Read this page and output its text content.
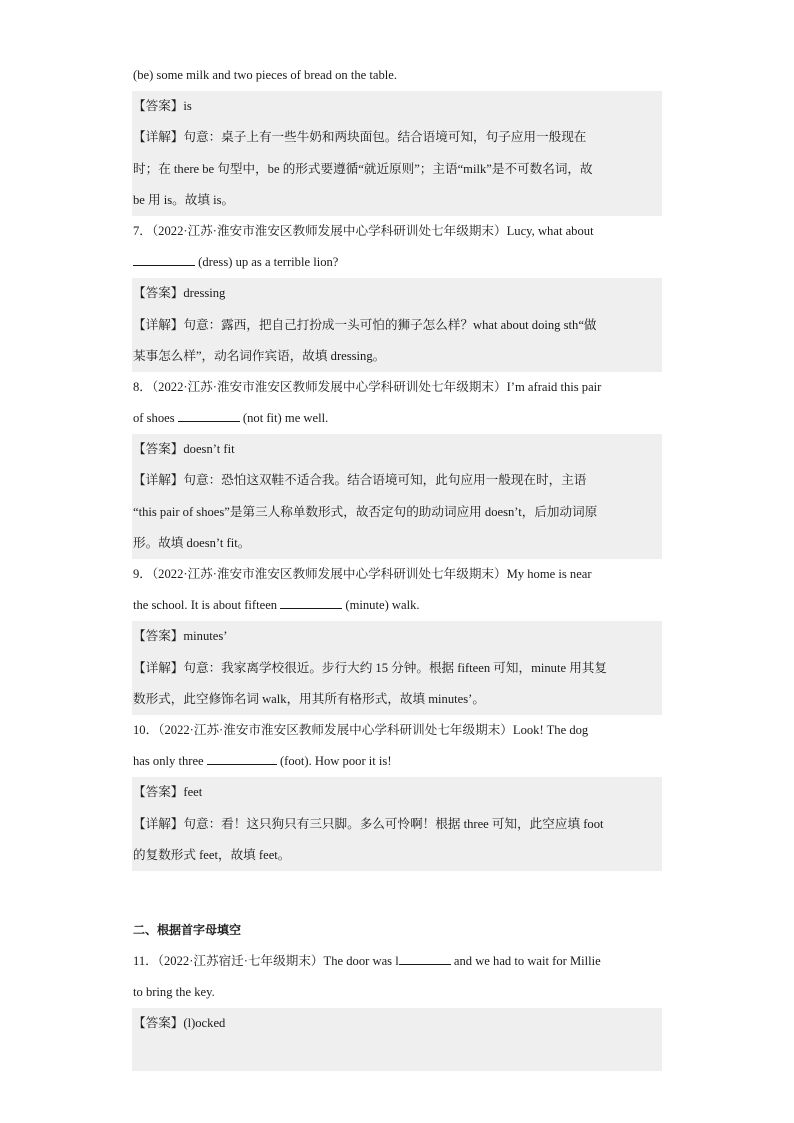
(be) some milk and two pieces of bread on the table.
【答案】is
【详解】句意：桌子上有一些牛奶和两块面包。结合语境可知，句子应用一般现在
时；在 there be 句型中，be 的形式要遵循“就近原则”；主语“milk”是不可数名词，故
be 用 is。故填 is。
7．（2022·江苏·淮安市淮安区教师发展中心学科研训处七年级期末）Lucy, what about
(dress) up as a terrible lion?
【答案】dressing
【详解】句意：露西，把自己打扮成一头可怕的狮子怎么样？what about doing sth“做
某事怎么样”，动名词作宾语，故填 dressing。
8．（2022·江苏·淮安市淮安区教师发展中心学科研训处七年级期末）I’m afraid this pair
of shoes	(not fit) me well.
【答案】doesn’t fit
【详解】句意：恐怕这双鞋不适合我。结合语境可知，此句应用一般现在时，主语
“this pair of shoes”是第三人称单数形式，故否定句的助动词应用 doesn’t，后加动词原
形。故填 doesn’t fit。
9．（2022·江苏·淮安市淮安区教师发展中心学科研训处七年级期末）My home is near
the school. It is about fifteen	(minute) walk.
【答案】minutes’
【详解】句意：我家离学校很近。步行大约 15 分钟。根据 fifteen 可知，minute 用其复
数形式，此空修饰名词 walk，用其所有格形式，故填 minutes’。
10．（2022·江苏·淮安市淮安区教师发展中心学科研训处七年级期末）Look! The dog
has only three	(foot). How poor it is!
【答案】feet
【详解】句意：看！这只狗只有三只脚。多么可怜啊！根据 three 可知，此空应填 foot
的复数形式 feet，故填 feet。
二、根据首字母填空
11．（2022·江苏宿迁·七年级期末）The door was l	and we had to wait for Millie
to bring the key.
【答案】(l)ocked
